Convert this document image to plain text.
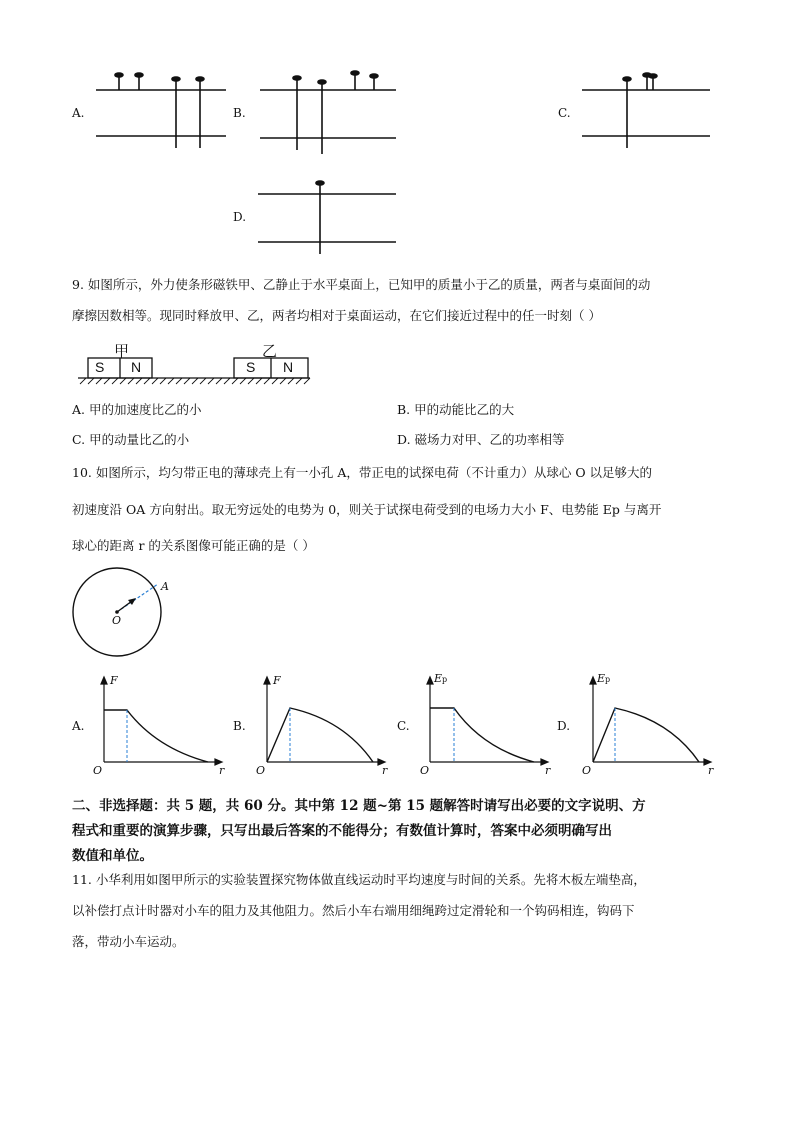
A.	B.	C.
D.
9. 如图所示，外力使条形磁铁甲、乙静止于水平桌面上，已知甲的质量小于乙的质量，两者与桌面间的动
摩擦因数相等。现同时释放甲、乙，两者均相对于桌面运动，在它们接近过程中的任一时刻（ ）
甲	乙
S N	S N
A. 甲的加速度比乙的小	B. 甲的动能比乙的大
C. 甲的动量比乙的小	D. 磁场力对甲、乙的功率相等
10. 如图所示，均匀带正电的薄球壳上有一小孔 A，带正电的试探电荷（不计重力）从球心 O 以足够大的
初速度沿 OA 方向射出。取无穷远处的电势为 0，则关于试探电荷受到的电场力大小 F、电势能 Ep 与离开
球心的距离 r 的关系图像可能正确的是（ ）
A
O
A.
F
O	r
B.
F
O	r
C.
Ep
O	r
D.
Ep
O	r
二、非选择题：共 5 题，共 60 分。其中第 12 题~第 15 题解答时请写出必要的文字说明、方
程式和重要的演算步骤，只写出最后答案的不能得分；有数值计算时，答案中必须明确写出
数值和单位。
11. 小华利用如图甲所示的实验装置探究物体做直线运动时平均速度与时间的关系。先将木板左端垫高，
以补偿打点计时器对小车的阻力及其他阻力。然后小车右端用细绳跨过定滑轮和一个钩码相连，钩码下
落，带动小车运动。
